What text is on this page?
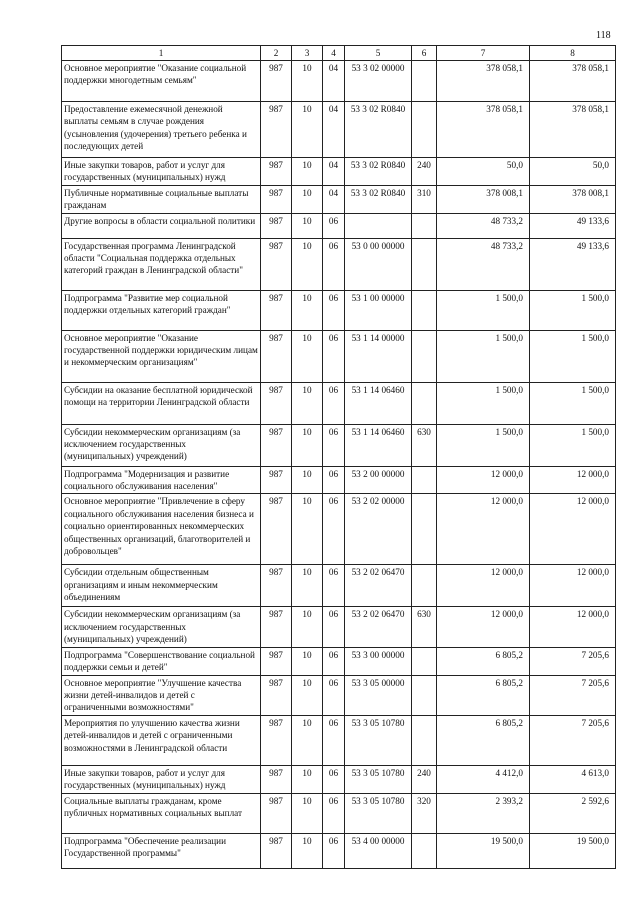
118
1	2	3	4	5	6	7	8
Основное мероприятие "Оказание социальной поддержки многодетным семьям"	987	10	04	53 3 02 00000		378 058,1	378 058,1
Предоставление ежемесячной денежной выплаты семьям в случае рождения (усыновления (удочерения) третьего ребенка и последующих детей	987	10	04	53 3 02 R0840		378 058,1	378 058,1
Иные закупки товаров, работ и услуг для государственных (муниципальных) нужд	987	10	04	53 3 02 R0840	240	50,0	50,0
Публичные нормативные социальные выплаты гражданам	987	10	04	53 3 02 R0840	310	378 008,1	378 008,1
Другие вопросы в области социальной политики	987	10	06			48 733,2	49 133,6
Государственная программа Ленинградской области "Социальная поддержка отдельных категорий граждан в Ленинградской области"	987	10	06	53 0 00 00000		48 733,2	49 133,6
Подпрограмма "Развитие мер социальной поддержки отдельных категорий граждан"	987	10	06	53 1 00 00000		1 500,0	1 500,0
Основное мероприятие "Оказание государственной поддержки юридическим лицам и некоммерческим организациям"	987	10	06	53 1 14 00000		1 500,0	1 500,0
Субсидии на оказание бесплатной юридической помощи на территории Ленинградской области	987	10	06	53 1 14 06460		1 500,0	1 500,0
Субсидии некоммерческим организациям (за исключением государственных (муниципальных) учреждений)	987	10	06	53 1 14 06460	630	1 500,0	1 500,0
Подпрограмма "Модернизация и развитие социального обслуживания населения"	987	10	06	53 2 00 00000		12 000,0	12 000,0
Основное мероприятие "Привлечение в сферу социального обслуживания населения бизнеса и социально ориентированных некоммерческих общественных организаций, благотворителей и добровольцев"	987	10	06	53 2 02 00000		12 000,0	12 000,0
Субсидии отдельным общественным организациям и иным некоммерческим объединениям	987	10	06	53 2 02 06470		12 000,0	12 000,0
Субсидии некоммерческим организациям (за исключением государственных (муниципальных) учреждений)	987	10	06	53 2 02 06470	630	12 000,0	12 000,0
Подпрограмма "Совершенствование социальной поддержки семьи и детей"	987	10	06	53 3 00 00000		6 805,2	7 205,6
Основное мероприятие "Улучшение качества жизни детей-инвалидов и детей с ограниченными возможностями"	987	10	06	53 3 05 00000		6 805,2	7 205,6
Мероприятия по улучшению качества жизни детей-инвалидов и детей с ограниченными возможностями в Ленинградской области	987	10	06	53 3 05 10780		6 805,2	7 205,6
Иные закупки товаров, работ и услуг для государственных (муниципальных) нужд	987	10	06	53 3 05 10780	240	4 412,0	4 613,0
Социальные выплаты гражданам, кроме публичных нормативных социальных выплат	987	10	06	53 3 05 10780	320	2 393,2	2 592,6
Подпрограмма "Обеспечение реализации Государственной программы"	987	10	06	53 4 00 00000		19 500,0	19 500,0
